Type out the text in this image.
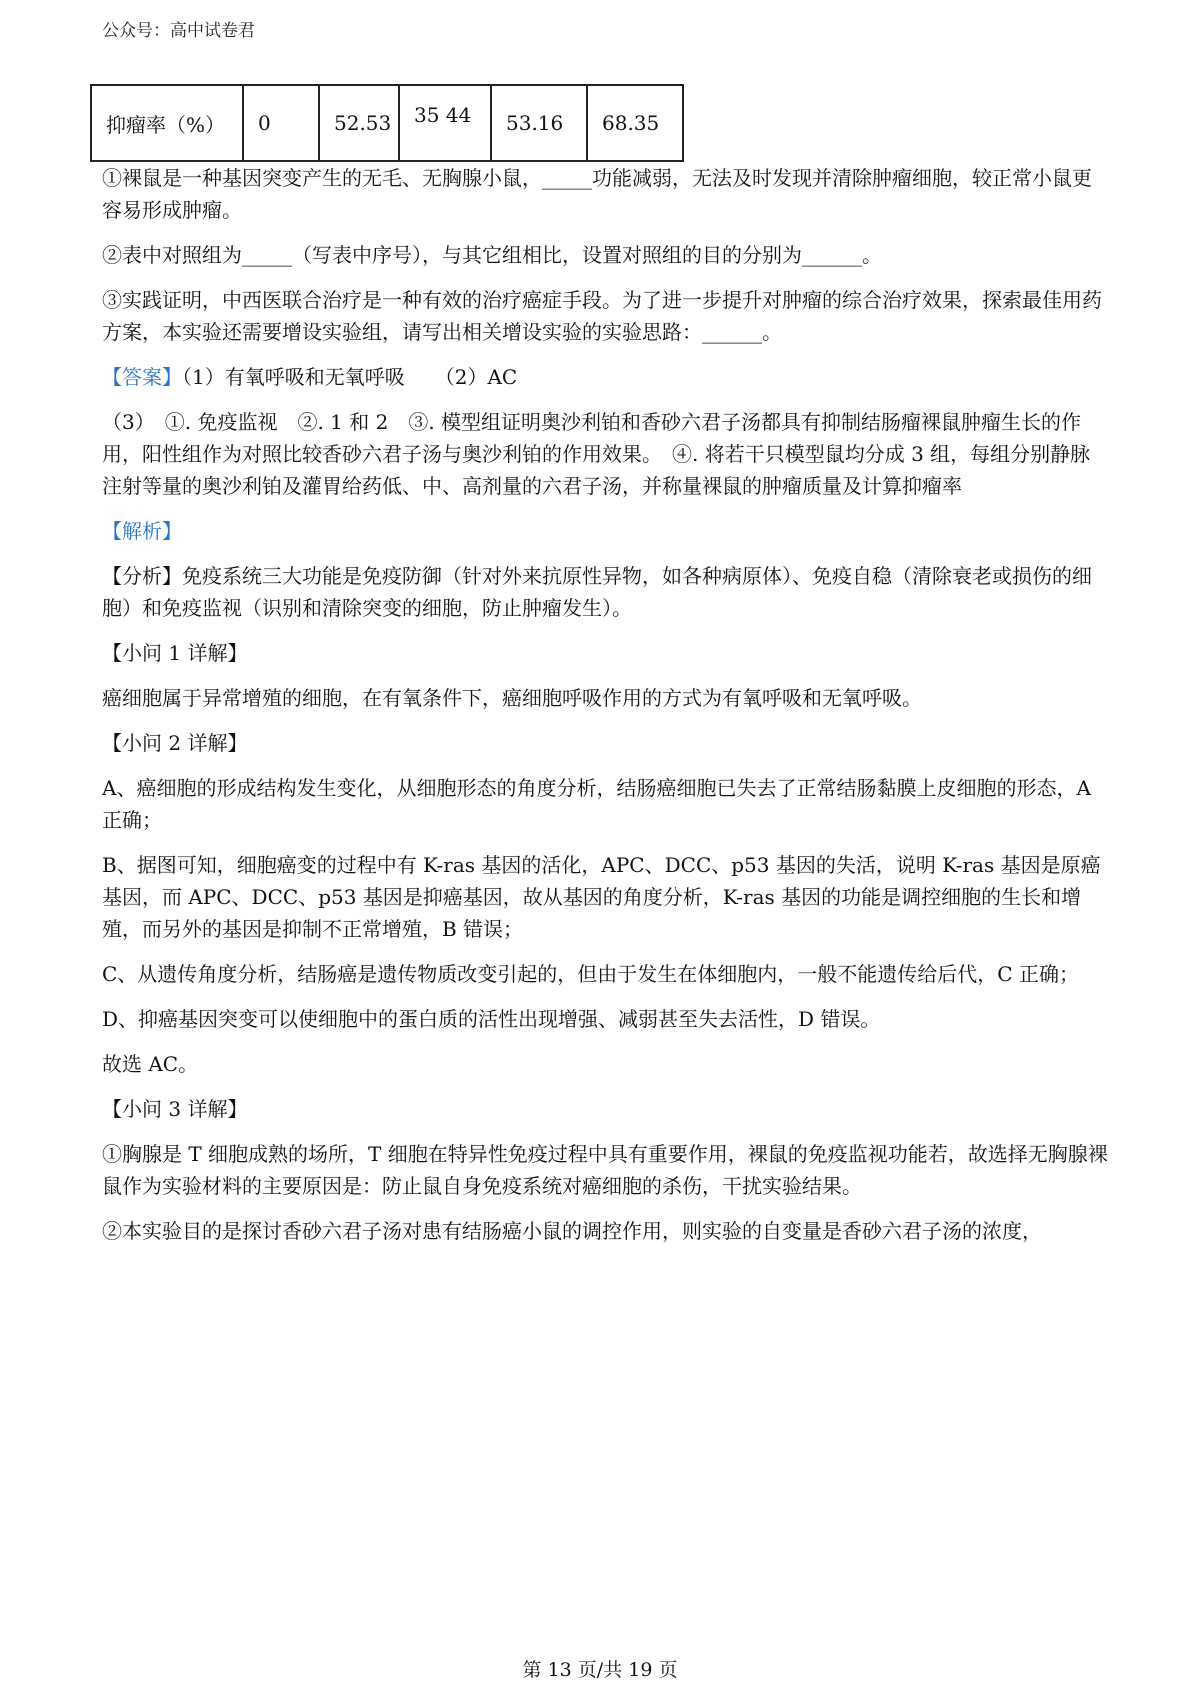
公众号：高中试卷君
抑瘤率（%）	0	52.53	35 44	53.16	68.35

①裸鼠是一种基因突变产生的无毛、无胸腺小鼠，_____功能减弱，无法及时发现并清除肿瘤细胞，较正常小鼠更容易形成肿瘤。

②表中对照组为_____（写表中序号），与其它组相比，设置对照组的目的分别为______。

③实践证明，中西医联合治疗是一种有效的治疗癌症手段。为了进一步提升对肿瘤的综合治疗效果，探索最佳用药方案，本实验还需要增设实验组，请写出相关增设实验的实验思路：______。

【答案】（1）有氧呼吸和无氧呼吸　　（2）AC

（3）　①. 免疫监视　②. 1 和 2　③. 模型组证明奥沙利铂和香砂六君子汤都具有抑制结肠瘤裸鼠肿瘤生长的作用，阳性组作为对照比较香砂六君子汤与奥沙利铂的作用效果。　④. 将若干只模型鼠均分成 3 组，每组分别静脉注射等量的奥沙利铂及灌胃给药低、中、高剂量的六君子汤，并称量裸鼠的肿瘤质量及计算抑瘤率

【解析】

【分析】免疫系统三大功能是免疫防御（针对外来抗原性异物，如各种病原体）、免疫自稳（清除衰老或损伤的细胞）和免疫监视（识别和清除突变的细胞，防止肿瘤发生）。

【小问 1 详解】

癌细胞属于异常增殖的细胞，在有氧条件下，癌细胞呼吸作用的方式为有氧呼吸和无氧呼吸。

【小问 2 详解】

A、癌细胞的形成结构发生变化，从细胞形态的角度分析，结肠癌细胞已失去了正常结肠黏膜上皮细胞的形态，A 正确；

B、据图可知，细胞癌变的过程中有 K-ras 基因的活化，APC、DCC、p53 基因的失活，说明 K-ras 基因是原癌基因，而 APC、DCC、p53 基因是抑癌基因，故从基因的角度分析，K-ras 基因的功能是调控细胞的生长和增殖，而另外的基因是抑制不正常增殖，B 错误；

C、从遗传角度分析，结肠癌是遗传物质改变引起的，但由于发生在体细胞内，一般不能遗传给后代，C 正确；

D、抑癌基因突变可以使细胞中的蛋白质的活性出现增强、减弱甚至失去活性，D 错误。

故选 AC。

【小问 3 详解】

①胸腺是 T 细胞成熟的场所，T 细胞在特异性免疫过程中具有重要作用，裸鼠的免疫监视功能若，故选择无胸腺裸鼠作为实验材料的主要原因是：防止鼠自身免疫系统对癌细胞的杀伤，干扰实验结果。

②本实验目的是探讨香砂六君子汤对患有结肠癌小鼠的调控作用，则实验的自变量是香砂六君子汤的浓度，

第 13 页/共 19 页
